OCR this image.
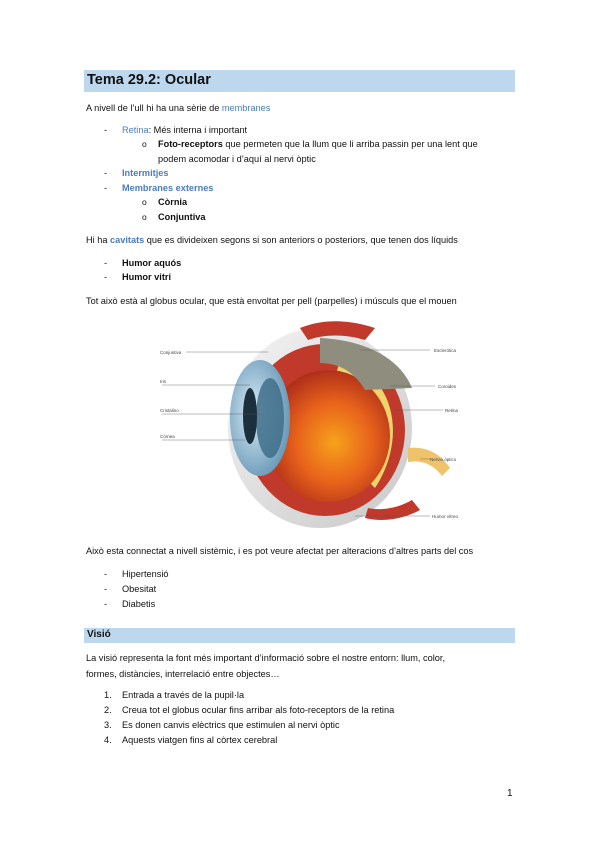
Tema 29.2: Ocular
A nivell de l’ull hi ha una sèrie de membranes
- Retina: Més interna i important
o Foto-receptors que permeten que la llum que li arriba passin per una lent que
podem acomodar i d’aquí al nervi òptic
- Intermitjes
- Membranes externes
o Còrnia
o Conjuntiva
Hi ha cavitats que es divideixen segons si son anteriors o posteriors, que tenen dos líquids
- Humor aquós
- Humor vitri
Tot això està al globus ocular, que està envoltat per pell (parpelles) i músculs que el mouen
Conjuntiva
Iris
Cristalino
Córnea
Esclerótica
Coroides
Retina
Nervio óptico
Humor vítreo
Això esta connectat a nivell sistèmic, i es pot veure afectat per alteracions d’altres parts del cos
- Hipertensió
- Obesitat
- Diabetis
Visió
La visió representa la font més important d’informació sobre el nostre entorn: llum, color,
formes, distàncies, interrelació entre objectes…
1. Entrada a través de la pupil·la
2. Creua tot el globus ocular fins arribar als foto-receptors de la retina
3. Es donen canvis elèctrics que estimulen al nervi òptic
4. Aquests viatgen fins al còrtex cerebral
1
